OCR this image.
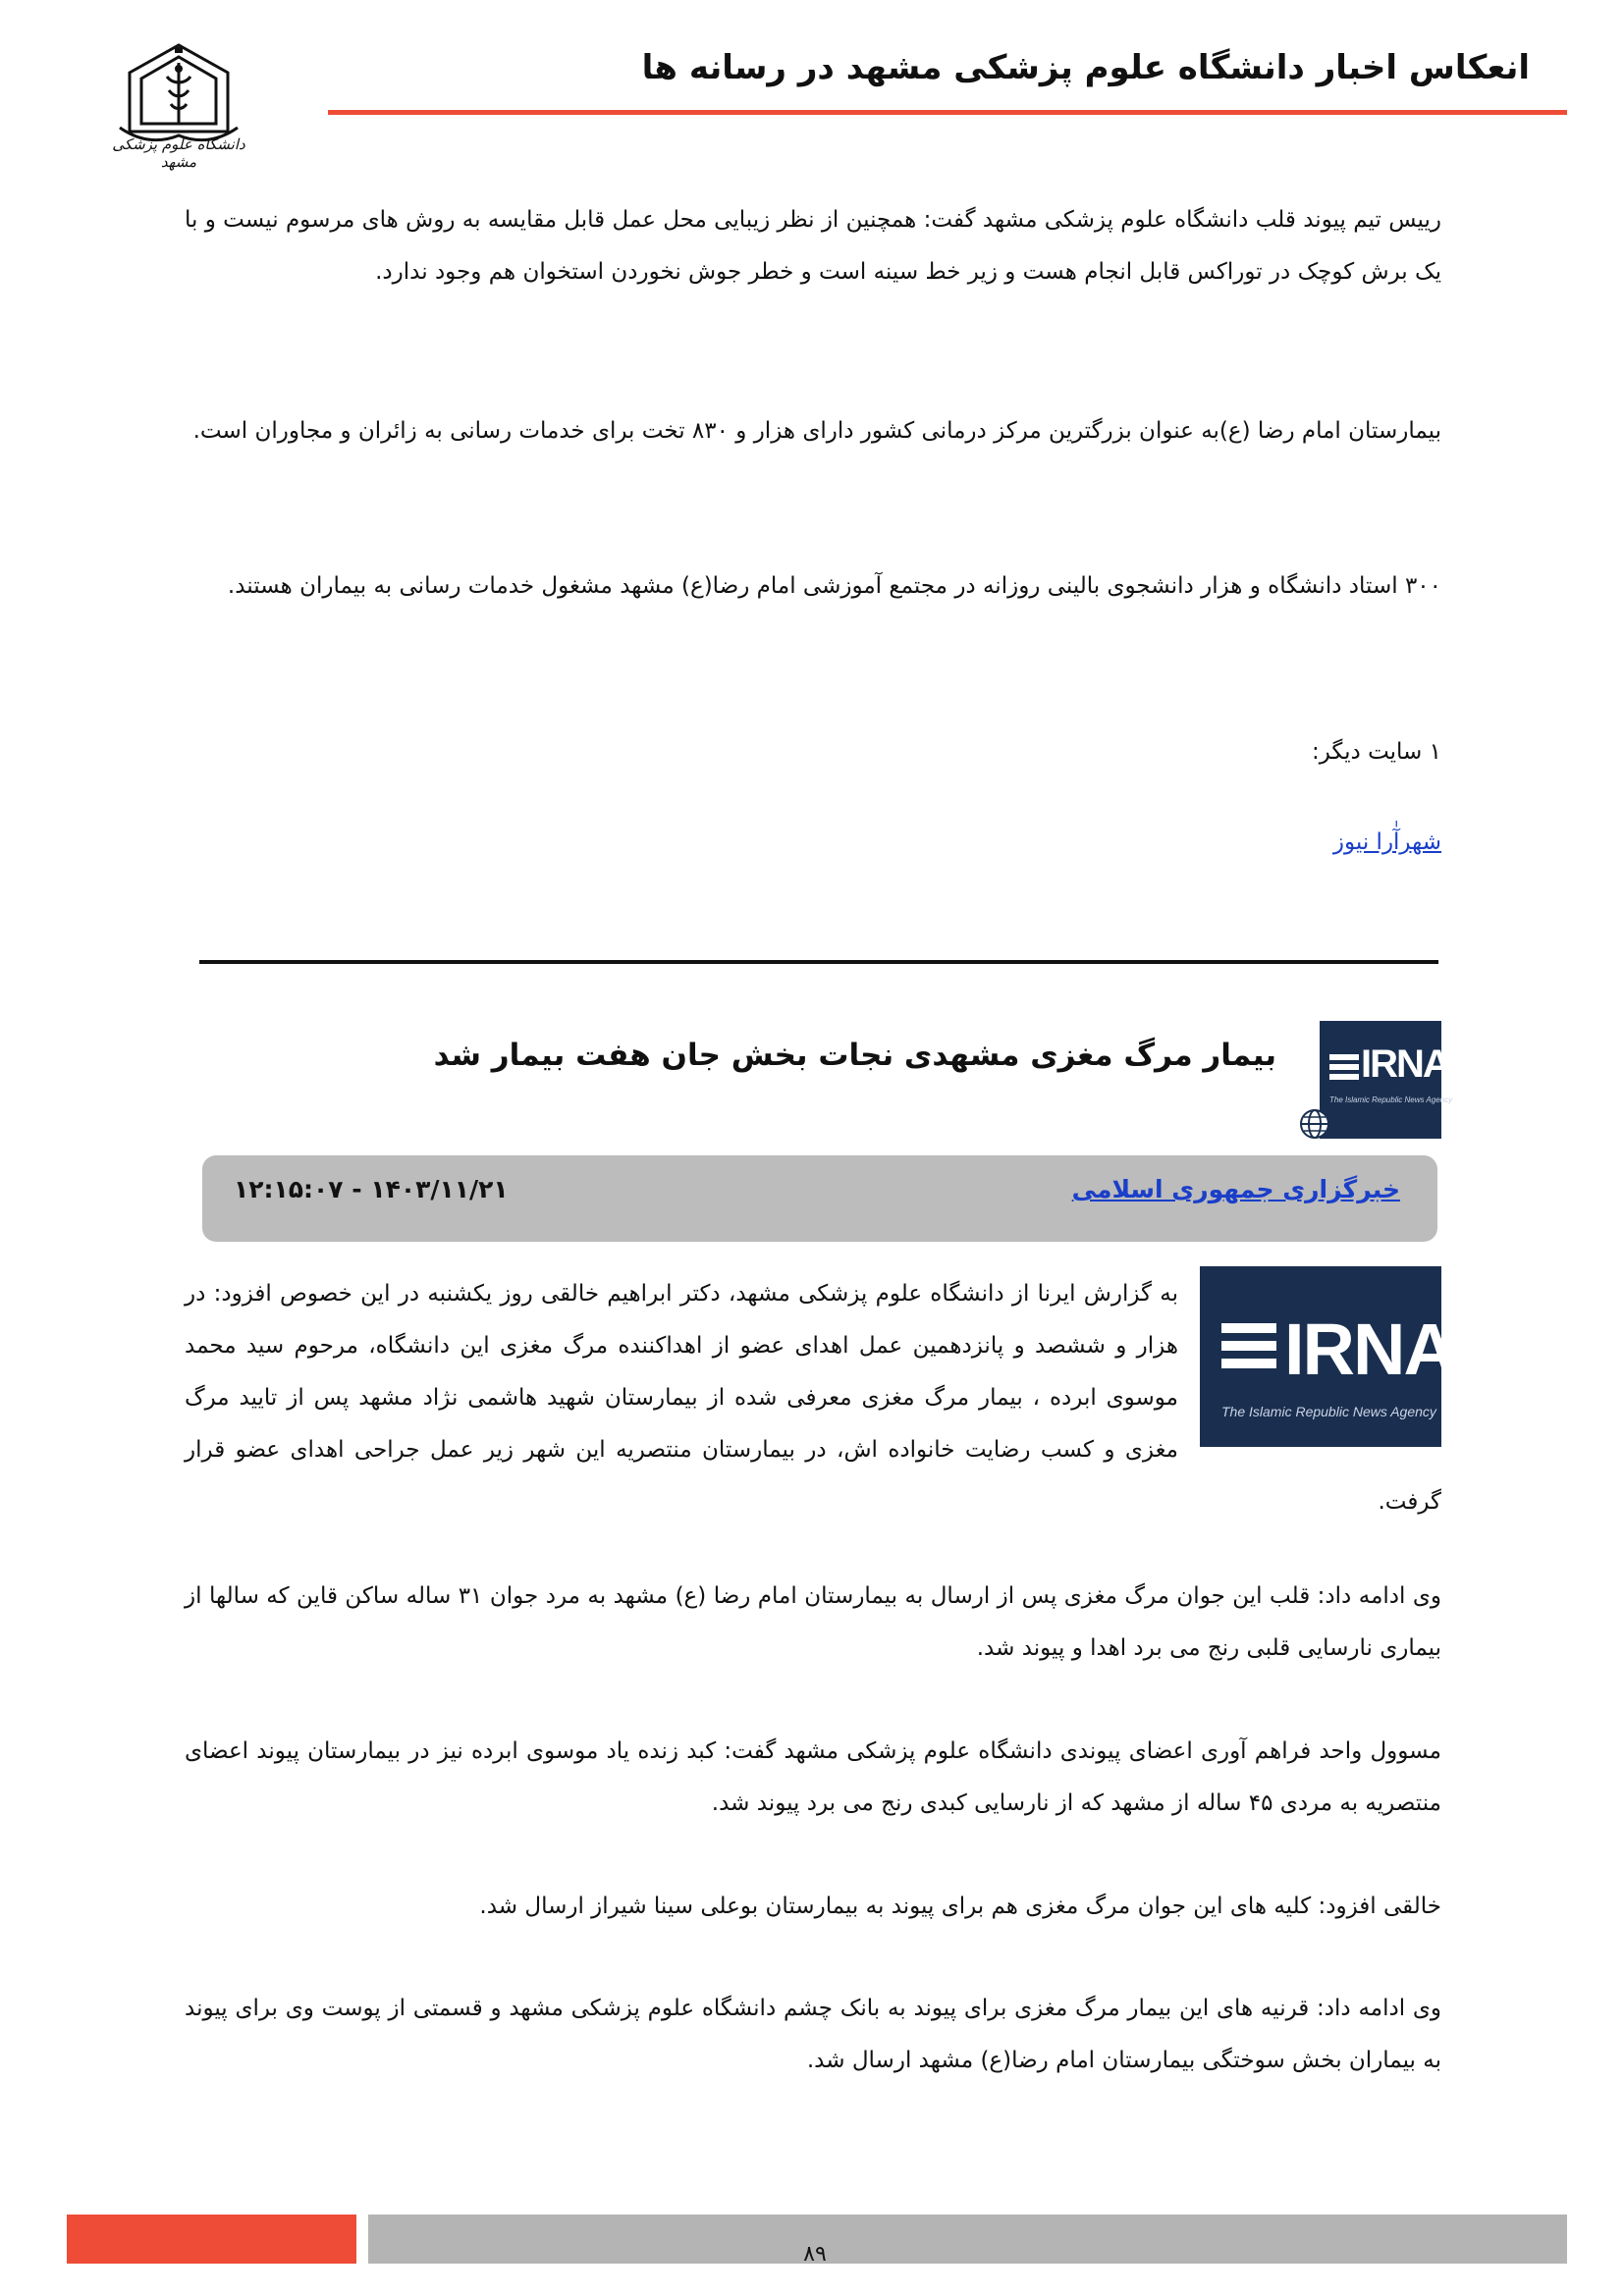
انعکاس اخبار دانشگاه علوم پزشکی مشهد در رسانه ها
دانشگاه علوم پزشکی مشهد
رییس تیم پیوند قلب دانشگاه علوم پزشکی مشهد گفت: همچنین از نظر زیبایی محل عمل قابل مقایسه به روش های مرسوم نیست و با یک برش کوچک در توراکس قابل انجام هست و زیر خط سینه است و خطر جوش نخوردن استخوان هم وجود ندارد.
بیمارستان امام رضا (ع)به عنوان بزرگترین مرکز درمانی کشور دارای هزار و ۸۳۰ تخت برای خدمات رسانی به زائران و مجاوران است.
۳۰۰ استاد دانشگاه و هزار دانشجوی بالینی روزانه در مجتمع آموزشی امام رضا(ع) مشهد مشغول خدمات رسانی به بیماران هستند.
۱ سایت دیگر:
شهرآٰرا نیوز
IRNA
The Islamic Republic News Agency
بیمار مرگ مغزی مشهدی نجات بخش جان هفت بیمار شد
خبرگزاری جمهوری اسلامی
۱۴۰۳/۱۱/۲۱ - ۱۲:۱۵:۰۷
IRNA
The Islamic Republic News Agency
به گزارش ایرنا از دانشگاه علوم پزشکی مشهد، دکتر ابراهیم خالقی روز یکشنبه در این خصوص افزود: در هزار و ششصد و پانزدهمین عمل اهدای عضو از اهداکننده مرگ مغزی این دانشگاه، مرحوم سید محمد موسوی ابرده ، بیمار مرگ مغزی معرفی شده از بیمارستان شهید هاشمی نژاد مشهد پس از تایید مرگ مغزی و کسب رضایت خانواده اش، در بیمارستان منتصریه این شهر زیر عمل جراحی اهدای عضو قرار گرفت.
وی ادامه داد: قلب این جوان مرگ مغزی پس از ارسال به بیمارستان امام رضا (ع) مشهد به مرد جوان ۳۱ ساله ساکن قاین که سالها از بیماری نارسایی قلبی رنج می برد اهدا و پیوند شد.
مسوول واحد فراهم آوری اعضای پیوندی دانشگاه علوم پزشکی مشهد گفت: کبد زنده یاد موسوی ابرده نیز در بیمارستان پیوند اعضای منتصریه به مردی ۴۵ ساله از مشهد که از نارسایی کبدی رنج می برد پیوند شد.
خالقی افزود: کلیه های این جوان مرگ مغزی هم برای پیوند به بیمارستان بوعلی سینا شیراز ارسال شد.
وی ادامه داد: قرنیه های این بیمار مرگ مغزی برای پیوند به بانک چشم دانشگاه علوم پزشکی مشهد و قسمتی از پوست وی برای پیوند به بیماران بخش سوختگی بیمارستان امام رضا(ع) مشهد ارسال شد.
۸۹
